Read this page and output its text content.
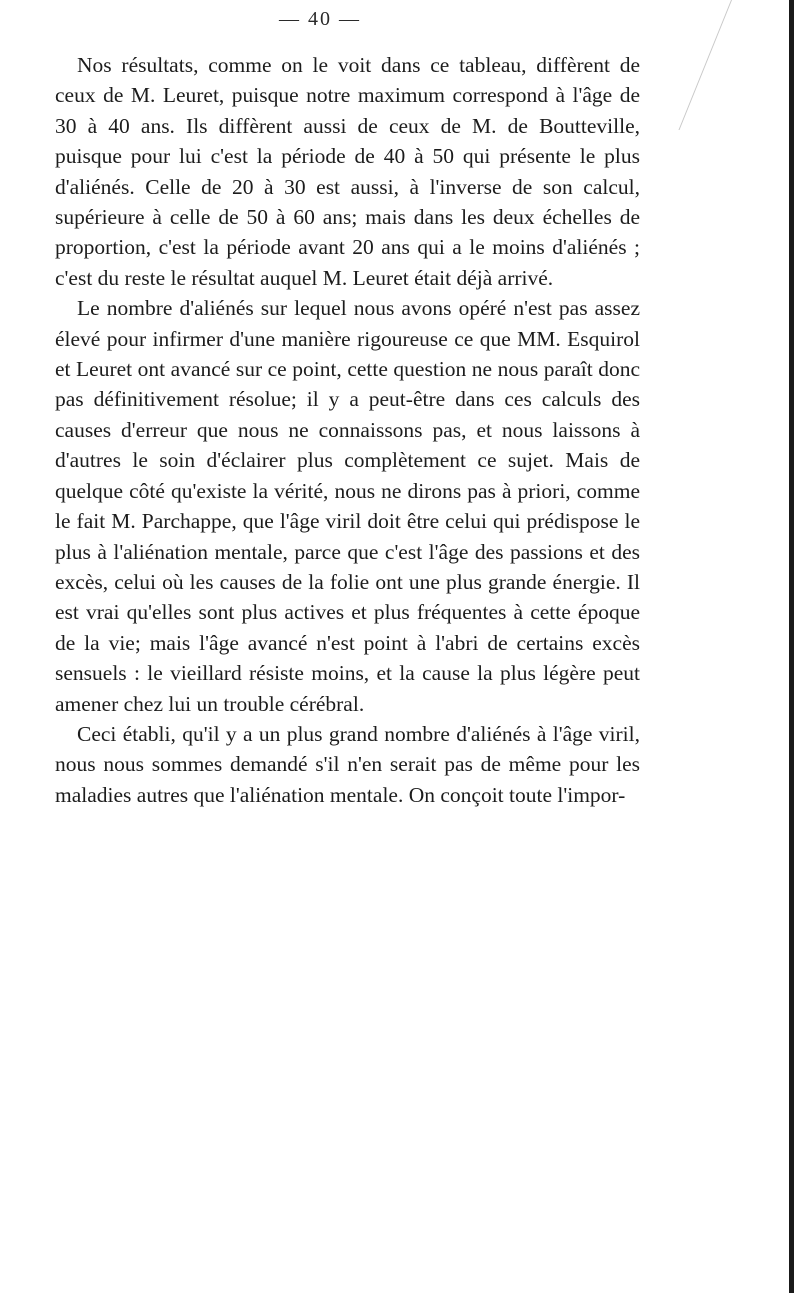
— 40 —

Nos résultats, comme on le voit dans ce tableau, diffèrent de ceux de M. Leuret, puisque notre maximum correspond à l'âge de 30 à 40 ans. Ils diffèrent aussi de ceux de M. de Boutteville, puisque pour lui c'est la période de 40 à 50 qui présente le plus d'aliénés. Celle de 20 à 30 est aussi, à l'inverse de son calcul, supérieure à celle de 50 à 60 ans; mais dans les deux échelles de proportion, c'est la période avant 20 ans qui a le moins d'aliénés ; c'est du reste le résultat auquel M. Leuret était déjà arrivé.

Le nombre d'aliénés sur lequel nous avons opéré n'est pas assez élevé pour infirmer d'une manière rigoureuse ce que MM. Esquirol et Leuret ont avancé sur ce point, cette question ne nous paraît donc pas définitivement résolue; il y a peut-être dans ces calculs des causes d'erreur que nous ne connaissons pas, et nous laissons à d'autres le soin d'éclairer plus complètement ce sujet. Mais de quelque côté qu'existe la vérité, nous ne dirons pas à priori, comme le fait M. Parchappe, que l'âge viril doit être celui qui prédispose le plus à l'aliénation mentale, parce que c'est l'âge des passions et des excès, celui où les causes de la folie ont une plus grande énergie. Il est vrai qu'elles sont plus actives et plus fréquentes à cette époque de la vie; mais l'âge avancé n'est point à l'abri de certains excès sensuels : le vieillard résiste moins, et la cause la plus légère peut amener chez lui un trouble cérébral.

Ceci établi, qu'il y a un plus grand nombre d'aliénés à l'âge viril, nous nous sommes demandé s'il n'en serait pas de même pour les maladies autres que l'aliénation mentale. On conçoit toute l'impor-
